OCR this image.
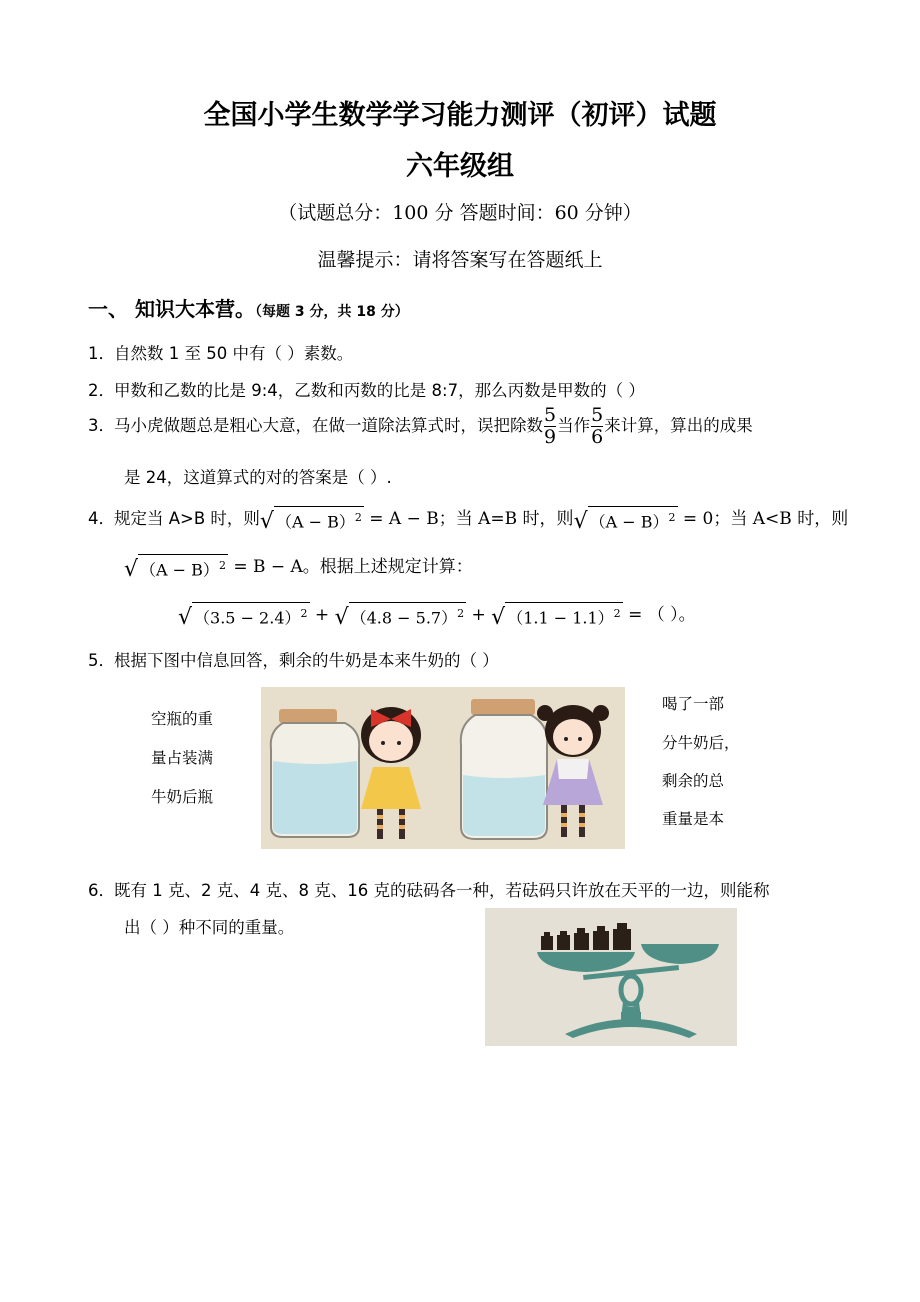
全国小学生数学学习能力测评（初评）试题
六年级组
（试题总分：100 分 答题时间：60 分钟）
温馨提示：请将答案写在答题纸上
一、 知识大本营。（每题 3 分，共 18 分）
1．自然数 1 至 50 中有（ ）素数。
2．甲数和乙数的比是 9:4，乙数和丙数的比是 8:7，那么丙数是甲数的（ ）
3．马小虎做题总是粗心大意，在做一道除法算式时，误把除数 $\frac{5}{9}$ 当作 $\frac{5}{6}$ 来计算，算出的成果
是 24，这道算式的对的答案是（ ）.
4．规定当 A>B 时，则 √ $(A - B)^2 = A - B$；当 A=B 时，则 √ $(A - B)^2 = 0$；当 A<B 时，则
√ $(A - B)^2 = B - A$。根据上述规定计算：
√ $(3.5 - 2.4)^2$ + √ $(4.8 - 5.7)^2$ + √ $(1.1 - 1.1)^2$ = （ ）。
5．根据下图中信息回答，剩余的牛奶是本来牛奶的（ ）
空瓶的重
量占装满
牛奶后瓶
喝了一部
分牛奶后，
剩余的总
重量是本
6．既有 1 克、2 克、4 克、8 克、16 克的砝码各一种，若砝码只许放在天平的一边，则能称
出（ ）种不同的重量。
